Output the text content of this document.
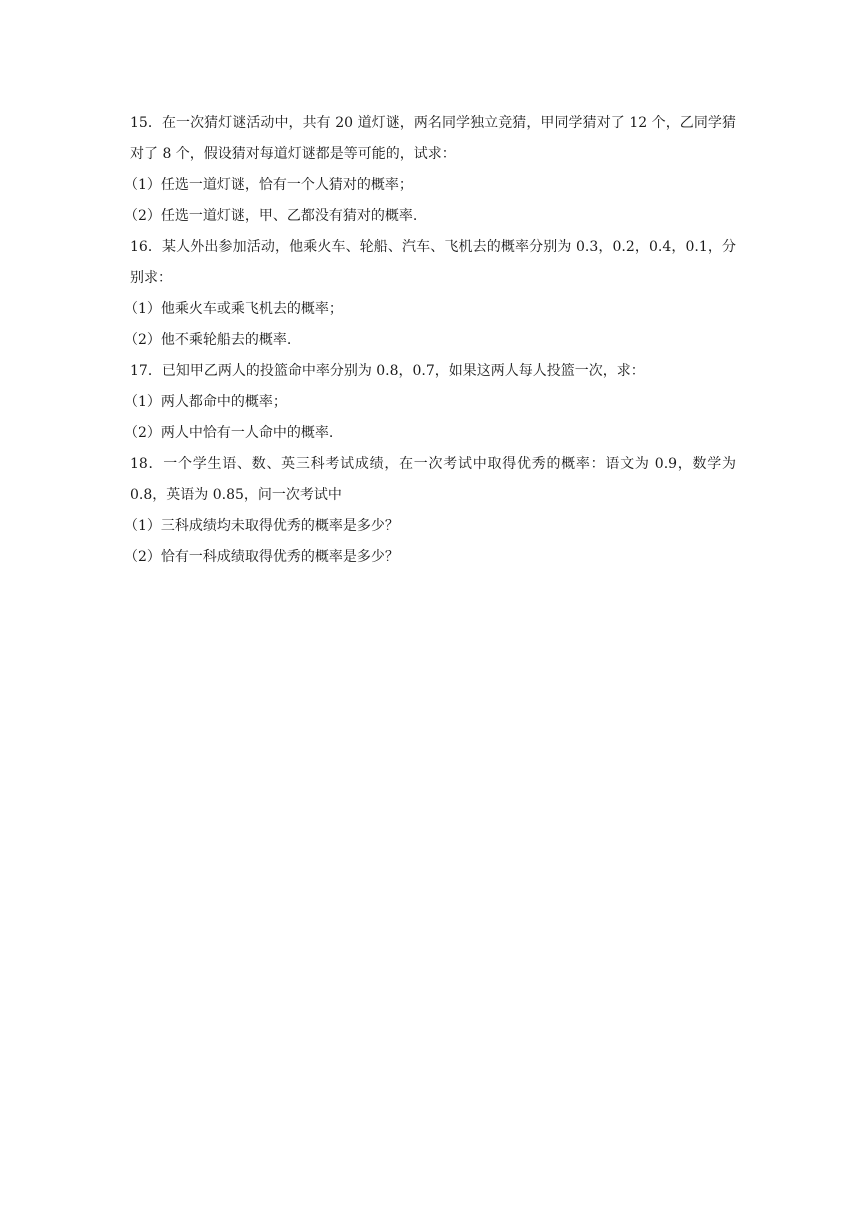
15．在一次猜灯谜活动中，共有 20 道灯谜，两名同学独立竞猜，甲同学猜对了 12 个，乙同学猜对了 8 个，假设猜对每道灯谜都是等可能的，试求：
（1）任选一道灯谜，恰有一个人猜对的概率；
（2）任选一道灯谜，甲、乙都没有猜对的概率.
16．某人外出参加活动，他乘火车、轮船、汽车、飞机去的概率分别为 0.3，0.2，0.4，0.1，分别求：
（1）他乘火车或乘飞机去的概率；
（2）他不乘轮船去的概率.
17．已知甲乙两人的投篮命中率分别为 0.8，0.7，如果这两人每人投篮一次，求：
（1）两人都命中的概率；
（2）两人中恰有一人命中的概率.
18．一个学生语、数、英三科考试成绩，在一次考试中取得优秀的概率：语文为 0.9，数学为 0.8，英语为 0.85，问一次考试中
（1）三科成绩均未取得优秀的概率是多少？
（2）恰有一科成绩取得优秀的概率是多少？
